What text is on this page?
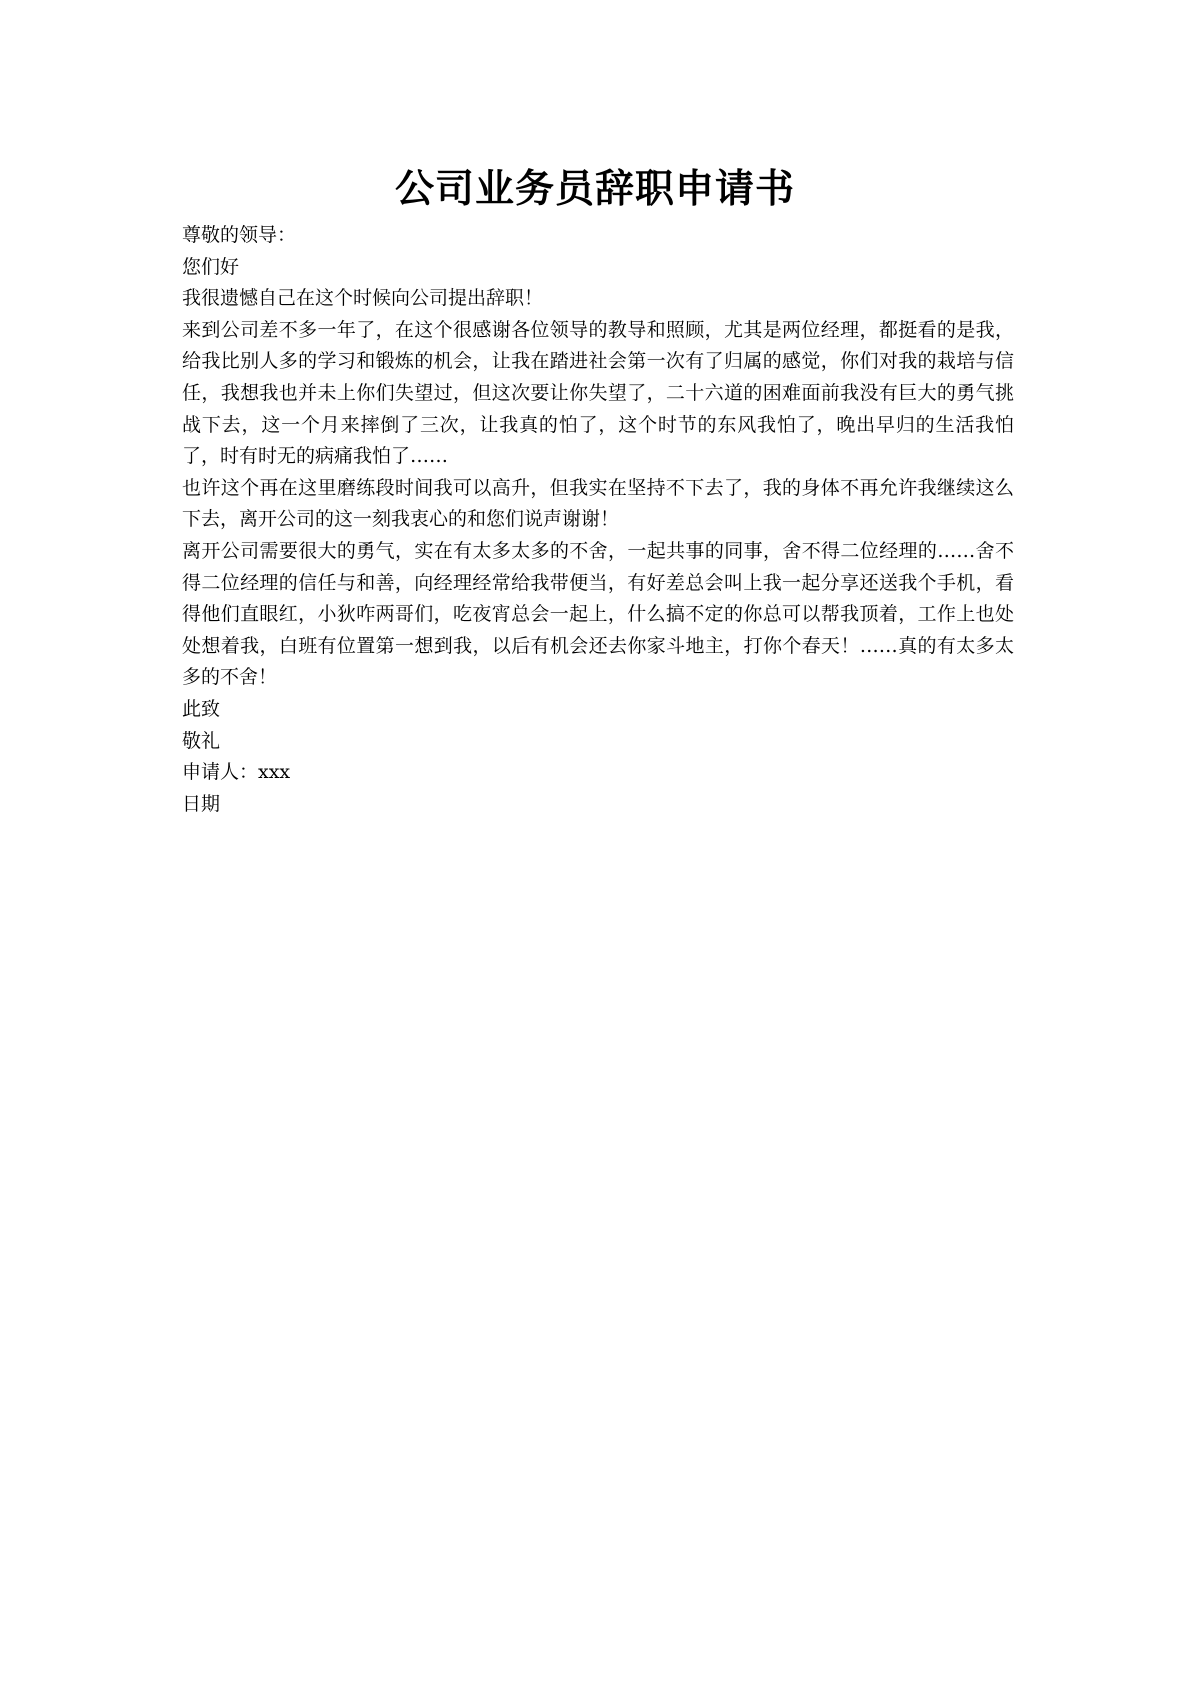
公司业务员辞职申请书

尊敬的领导：

您们好

我很遗憾自己在这个时候向公司提出辞职！

来到公司差不多一年了，在这个很感谢各位领导的教导和照顾，尤其是两位经理，都挺看的是我，给我比别人多的学习和锻炼的机会，让我在踏进社会第一次有了归属的感觉，你们对我的栽培与信任，我想我也并未上你们失望过，但这次要让你失望了，二十六道的困难面前我没有巨大的勇气挑战下去，这一个月来摔倒了三次，让我真的怕了，这个时节的东风我怕了，晚出早归的生活我怕了，时有时无的病痛我怕了……

也许这个再在这里磨练段时间我可以高升，但我实在坚持不下去了，我的身体不再允许我继续这么下去，离开公司的这一刻我衷心的和您们说声谢谢！

离开公司需要很大的勇气，实在有太多太多的不舍，一起共事的同事，舍不得二位经理的……舍不得二位经理的信任与和善，向经理经常给我带便当，有好差总会叫上我一起分享还送我个手机，看得他们直眼红，小狄咋两哥们，吃夜宵总会一起上，什么搞不定的你总可以帮我顶着，工作上也处处想着我，白班有位置第一想到我，以后有机会还去你家斗地主，打你个春天！……真的有太多太多的不舍！

此致

敬礼

申请人：xxx

日期
